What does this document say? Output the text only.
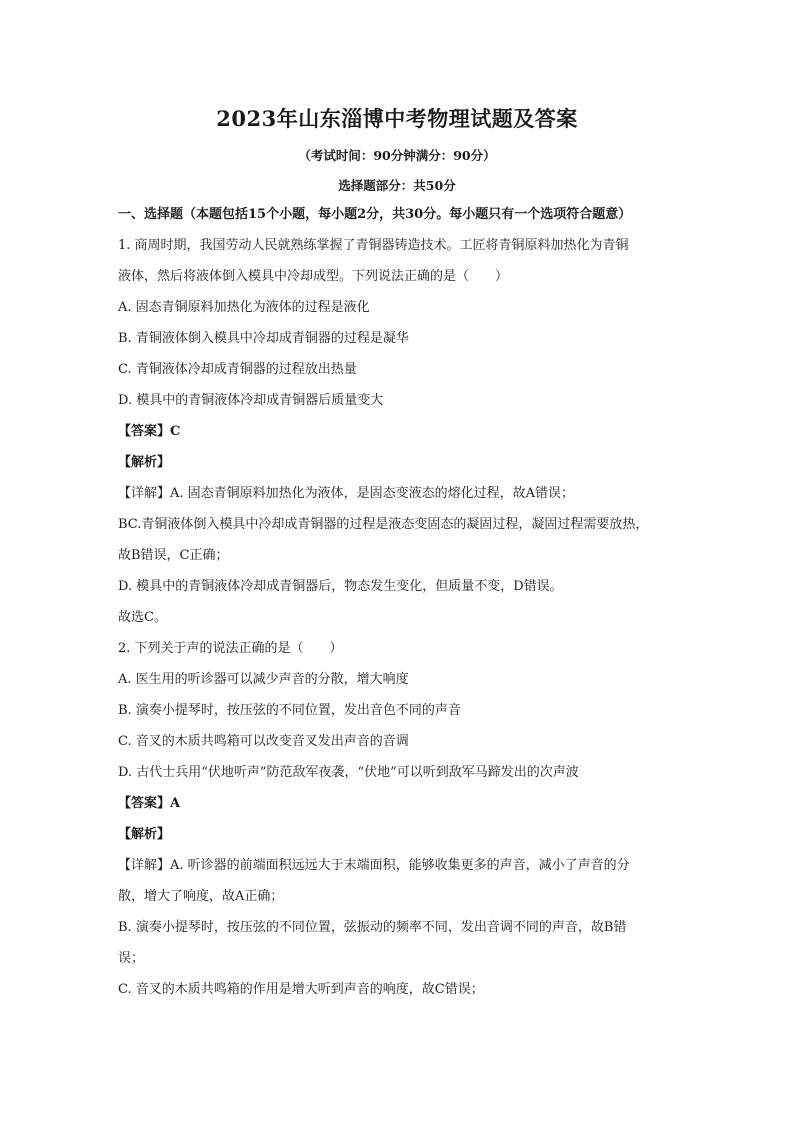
2023年山东淄博中考物理试题及答案
（考试时间：90分钟满分：90分）
选择题部分：共50分
一、选择题（本题包括15个小题，每小题2分，共30分。每小题只有一个选项符合题意）
1. 商周时期，我国劳动人民就熟练掌握了青铜器铸造技术。工匠将青铜原料加热化为青铜
液体，然后将液体倒入模具中冷却成型。下列说法正确的是（　　）
A. 固态青铜原料加热化为液体的过程是液化
B. 青铜液体倒入模具中冷却成青铜器的过程是凝华
C. 青铜液体冷却成青铜器的过程放出热量
D. 模具中的青铜液体冷却成青铜器后质量变大
【答案】C
【解析】
【详解】A. 固态青铜原料加热化为液体，是固态变液态的熔化过程，故A错误；
BC.青铜液体倒入模具中冷却成青铜器的过程是液态变固态的凝固过程，凝固过程需要放热，
故B错误，C正确；
D. 模具中的青铜液体冷却成青铜器后，物态发生变化，但质量不变，D错误。
故选C。
2. 下列关于声的说法正确的是（　　）
A. 医生用的听诊器可以减少声音的分散，增大响度
B. 演奏小提琴时，按压弦的不同位置，发出音色不同的声音
C. 音叉的木质共鸣箱可以改变音叉发出声音的音调
D. 古代士兵用“伏地听声”防范敌军夜袭，“伏地”可以听到敌军马蹄发出的次声波
【答案】A
【解析】
【详解】A. 听诊器的前端面积远远大于末端面积，能够收集更多的声音，减小了声音的分
散，增大了响度，故A正确；
B. 演奏小提琴时，按压弦的不同位置，弦振动的频率不同，发出音调不同的声音，故B错
误；
C. 音叉的木质共鸣箱的作用是增大听到声音的响度，故C错误；
